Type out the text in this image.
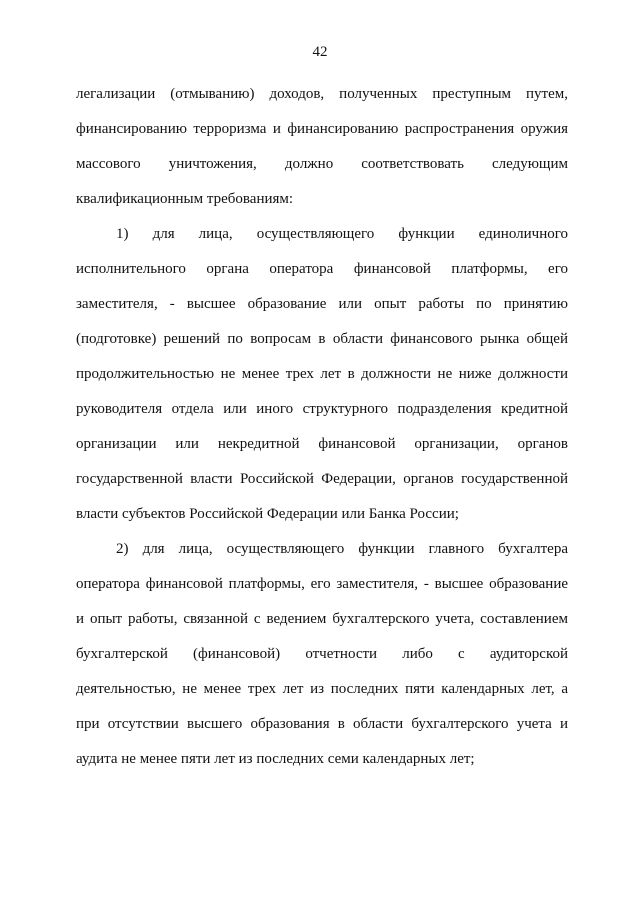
42
легализации (отмыванию) доходов, полученных преступным путем,
финансированию терроризма и финансированию распространения оружия
массового уничтожения, должно соответствовать следующим
квалификационным требованиям:
1) для лица, осуществляющего функции единоличного
исполнительного органа оператора финансовой платформы, его
заместителя, - высшее образование или опыт работы по принятию
(подготовке) решений по вопросам в области финансового рынка общей
продолжительностью не менее трех лет в должности не ниже должности
руководителя отдела или иного структурного подразделения кредитной
организации или некредитной финансовой организации, органов
государственной власти Российской Федерации, органов государственной
власти субъектов Российской Федерации или Банка России;
2) для лица, осуществляющего функции главного бухгалтера
оператора финансовой платформы, его заместителя, - высшее образование
и опыт работы, связанной с ведением бухгалтерского учета, составлением
бухгалтерской (финансовой) отчетности либо с аудиторской
деятельностью, не менее трех лет из последних пяти календарных лет, а
при отсутствии высшего образования в области бухгалтерского учета и
аудита не менее пяти лет из последних семи календарных лет;
